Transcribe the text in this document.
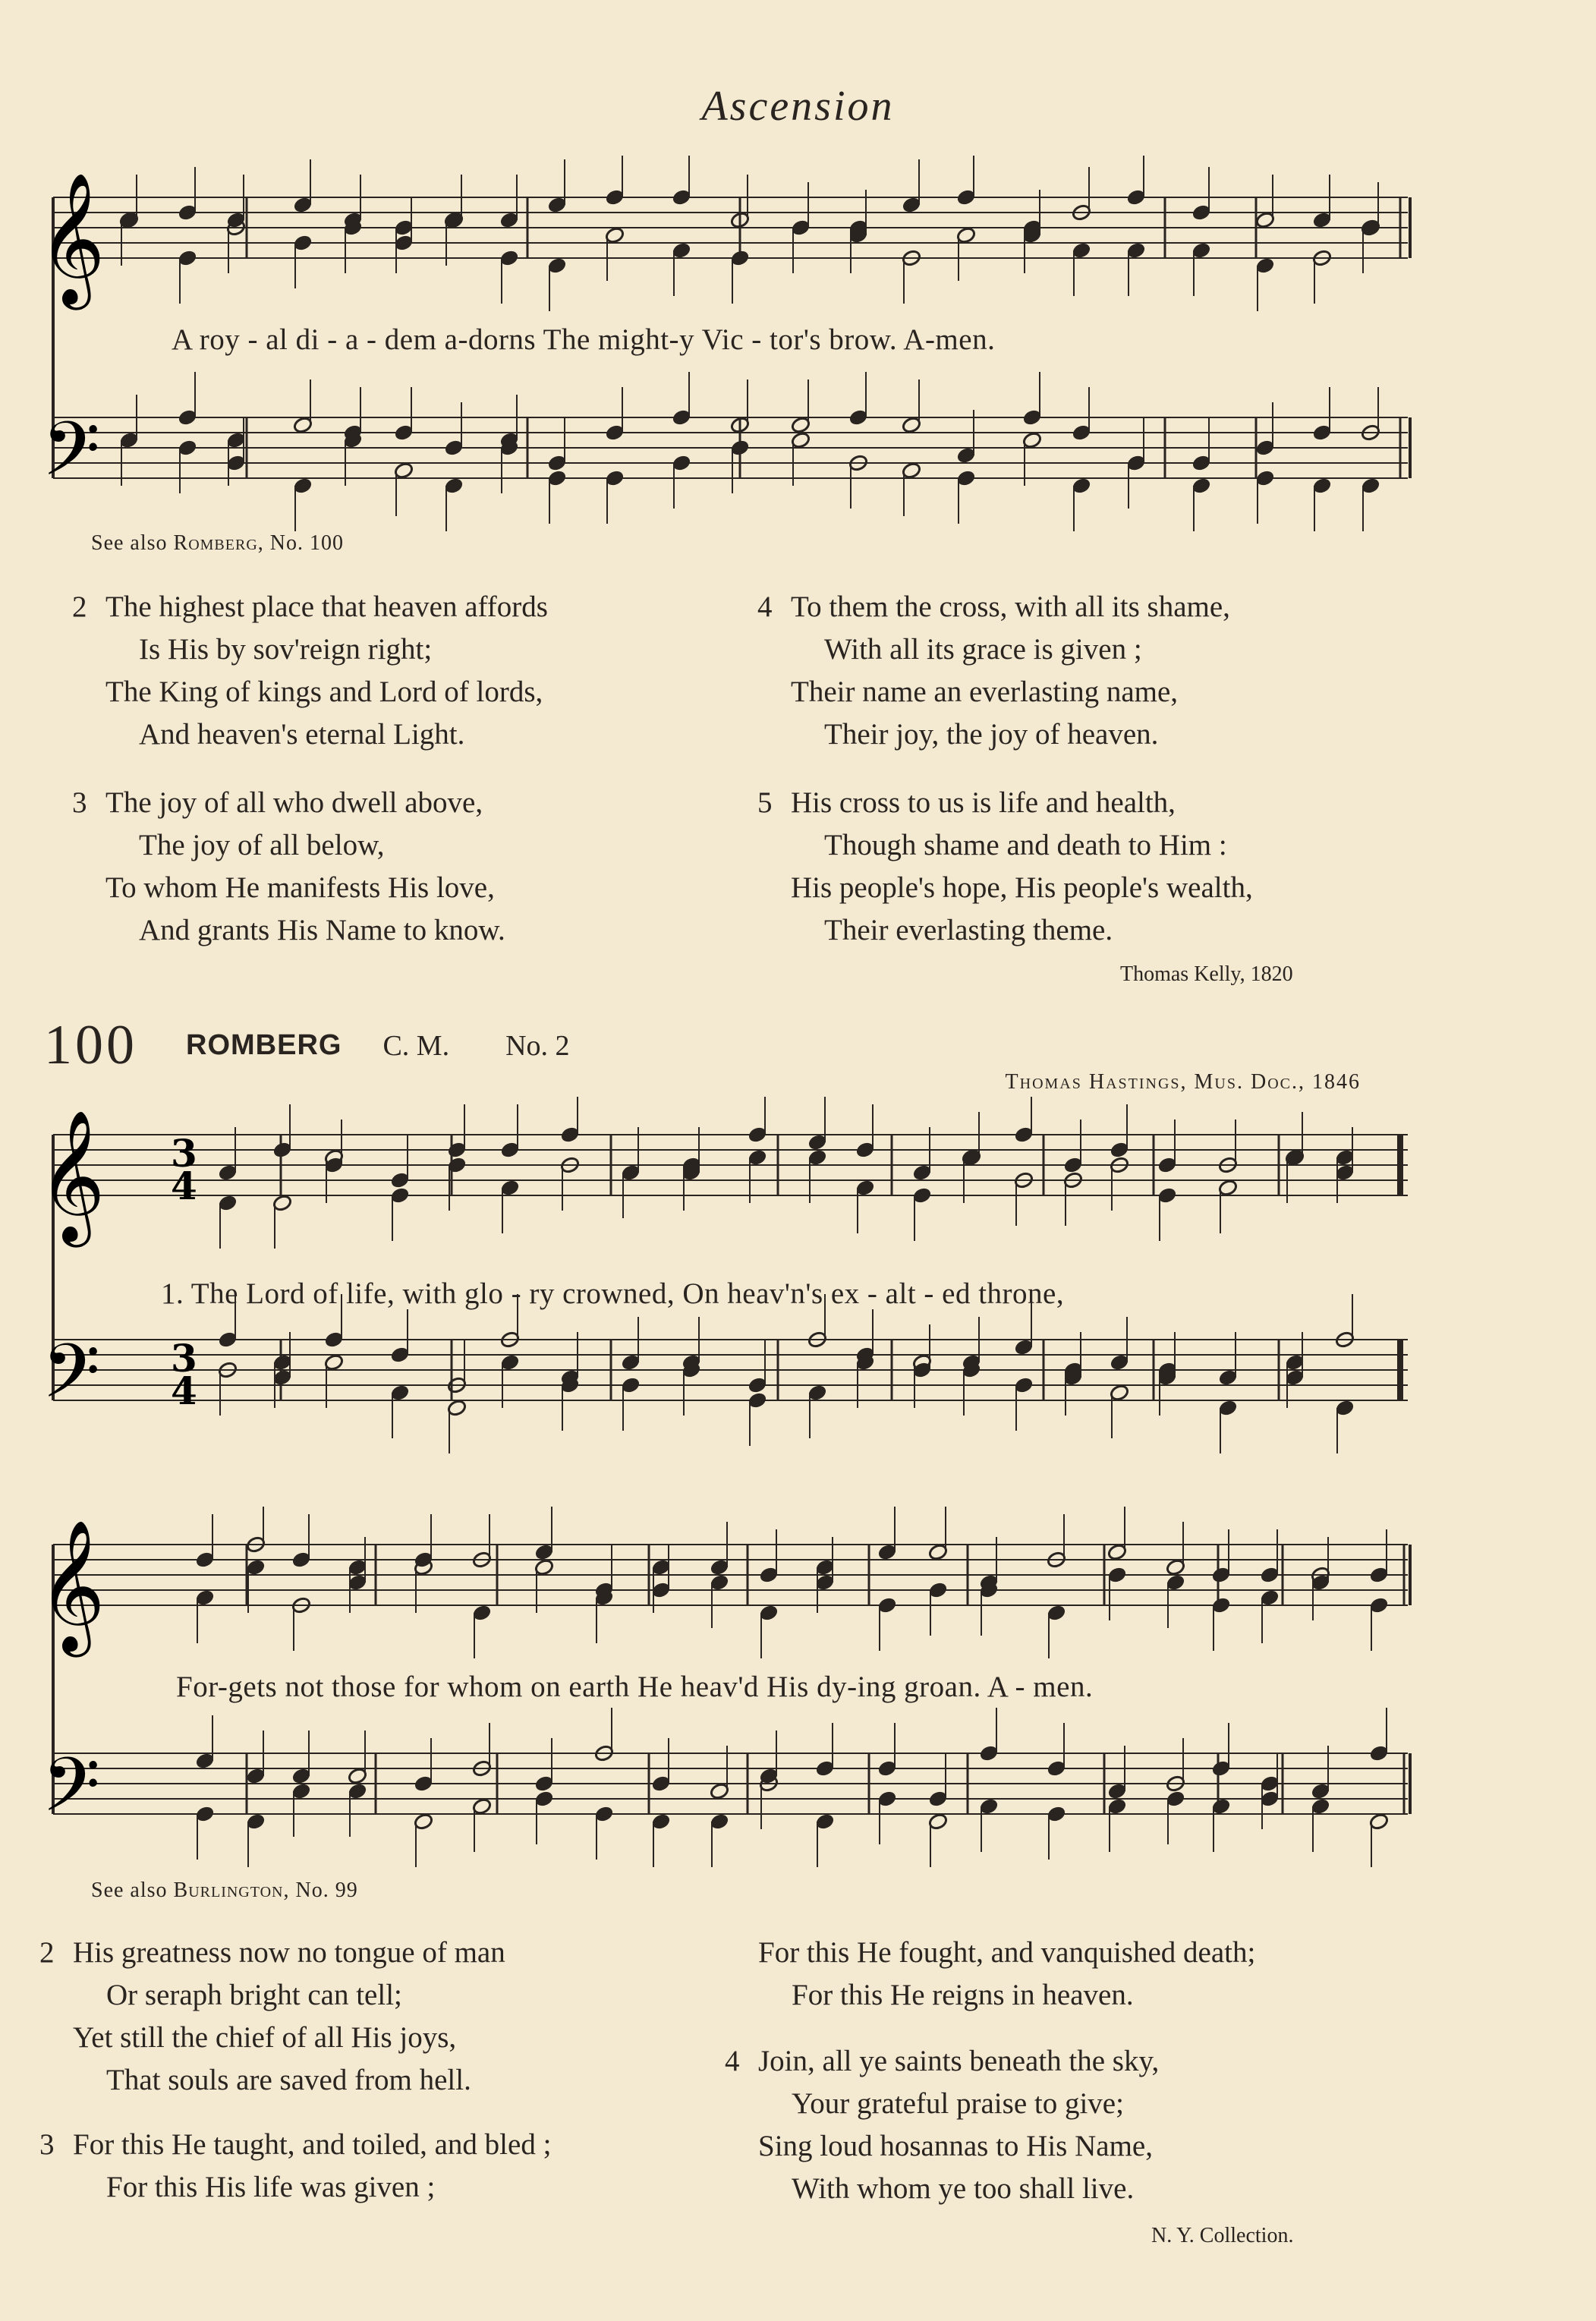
Ascension
𝄞
𝄢
A roy - al di - a - dem a-dorns The might-y Vic - tor's brow. A-men.
See also Romberg, No. 100
2 The highest place that heaven affords
Is His by sov'reign right;
The King of kings and Lord of lords,
And heaven's eternal Light.
3 The joy of all who dwell above,
The joy of all below,
To whom He manifests His love,
And grants His Name to know.
4 To them the cross, with all its shame,
With all its grace is given ;
Their name an everlasting name,
Their joy, the joy of heaven.
5 His cross to us is life and health,
Though shame and death to Him :
His people's hope, His people's wealth,
Their everlasting theme.
Thomas Kelly, 1820
100 ROMBERG C. M. No. 2
Thomas Hastings, Mus. Doc., 1846
𝄞
𝄢
3
4
3
4
1. The Lord of life, with glo - ry crowned, On heav'n's ex - alt - ed throne,
𝄞
𝄢
For-gets not those for whom on earth He heav'd His dy-ing groan. A - men.
See also Burlington, No. 99
2 His greatness now no tongue of man
Or seraph bright can tell;
Yet still the chief of all His joys,
That souls are saved from hell.
3 For this He taught, and toiled, and bled ;
For this His life was given ;
For this He fought, and vanquished death;
For this He reigns in heaven.
4 Join, all ye saints beneath the sky,
Your grateful praise to give;
Sing loud hosannas to His Name,
With whom ye too shall live.
N. Y. Collection.
